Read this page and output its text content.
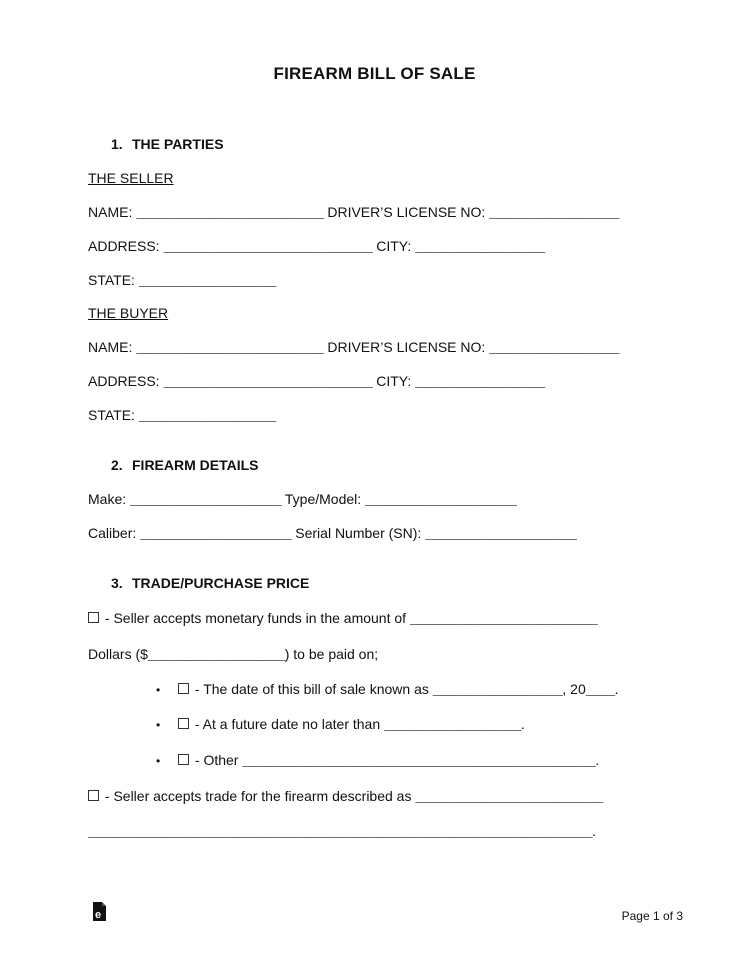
FIREARM BILL OF SALE
1. THE PARTIES
THE SELLER
NAME: __________________________ DRIVER’S LICENSE NO: __________________
ADDRESS: _____________________________ CITY: __________________
STATE: ___________________
THE BUYER
NAME: __________________________ DRIVER’S LICENSE NO: __________________
ADDRESS: _____________________________ CITY: __________________
STATE: ___________________
2. FIREARM DETAILS
Make: _____________________ Type/Model: _____________________
Caliber: _____________________ Serial Number (SN): _____________________
3. TRADE/PURCHASE PRICE
- Seller accepts monetary funds in the amount of __________________________
Dollars ($___________________) to be paid on;
•	- The date of this bill of sale known as __________________, 20____.
•	- At a future date no later than ___________________.
•	- Other _________________________________________________.
- Seller accepts trade for the firearm described as __________________________
______________________________________________________________________.
e	Page 1 of 3
